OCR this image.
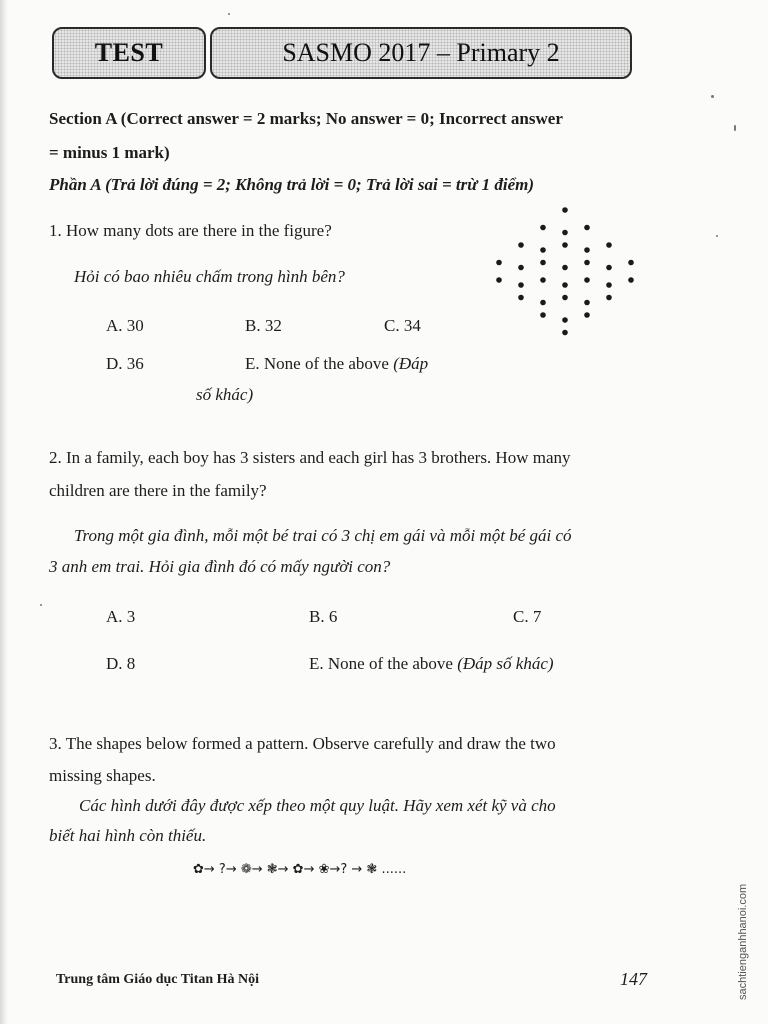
TEST	SASMO 2017 – Primary 2
Section A (Correct answer = 2 marks; No answer = 0; Incorrect answer
= minus 1 mark)
Phần A (Trả lời đúng = 2; Không trả lời = 0; Trả lời sai = trừ 1 điểm)
1. How many dots are there in the figure?
Hỏi có bao nhiêu chấm trong hình bên?
A. 30	B. 32	C. 34
D. 36	E. None of the above (Đáp
số khác)
2. In a family, each boy has 3 sisters and each girl has 3 brothers. How many
children are there in the family?
Trong một gia đình, mỗi một bé trai có 3 chị em gái và mỗi một bé gái có
3 anh em trai. Hỏi gia đình đó có mấy người con?
A. 3	B. 6	C. 7
D. 8	E. None of the above (Đáp số khác)
3. The shapes below formed a pattern. Observe carefully and draw the two
missing shapes.
Các hình dưới đây được xếp theo một quy luật. Hãy xem xét kỹ và cho
biết hai hình còn thiếu.
✿→ ?→ ❁→ ❃→ ✿→ ❀→? → ❃ ......
Trung tâm Giáo dục Titan Hà Nội	147	sachtienganhhanoi.com
